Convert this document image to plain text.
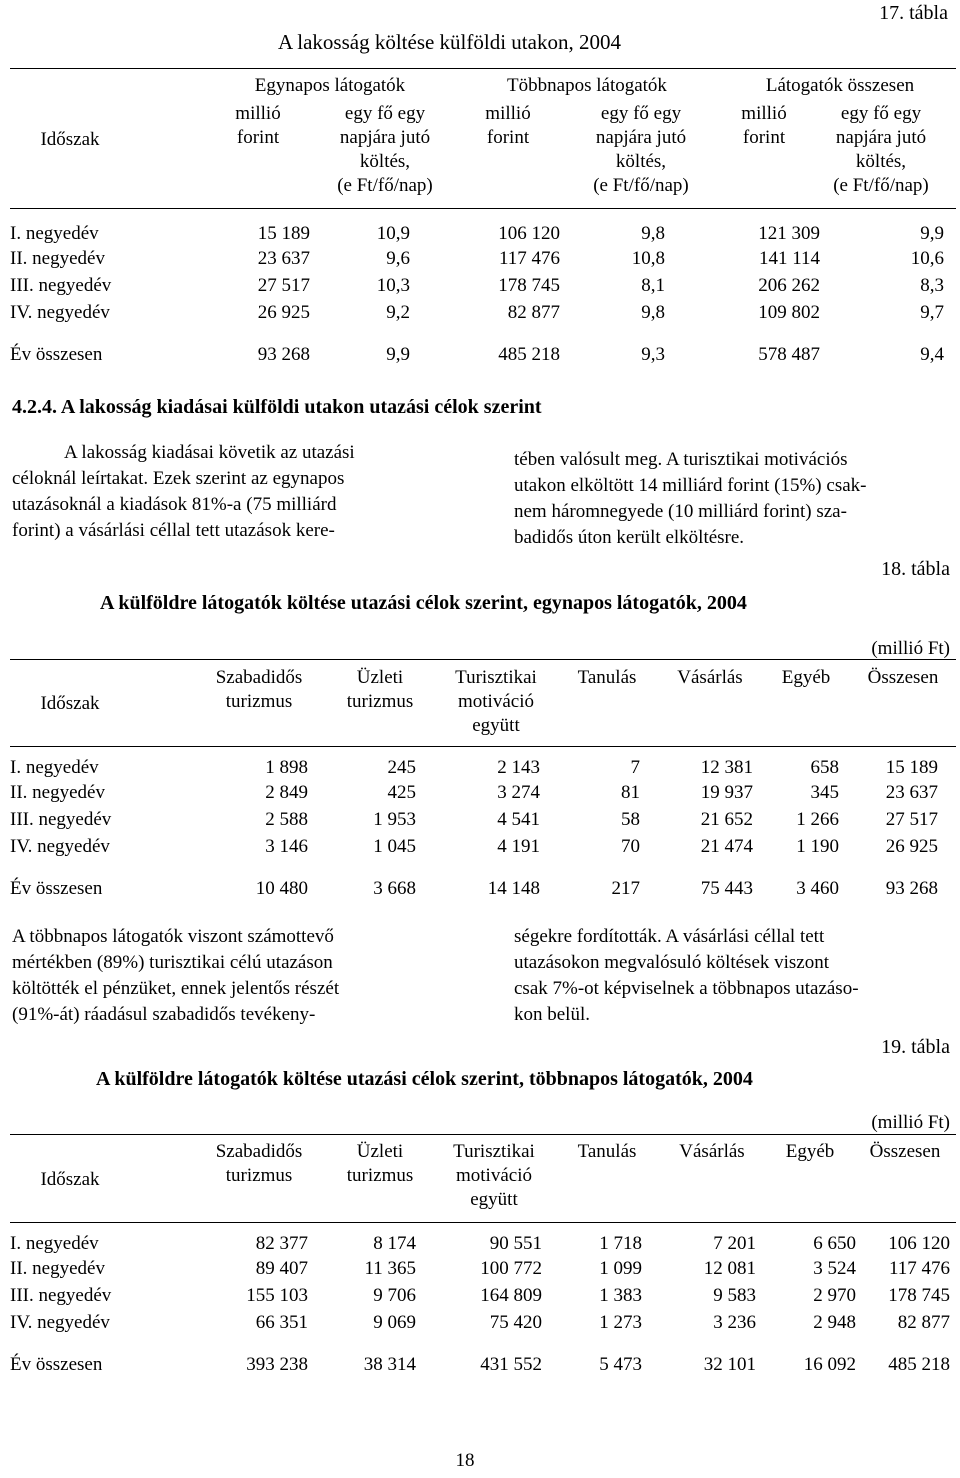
17. tábla
A lakosság költése külföldi utakon, 2004
Időszak
Egynapos látogatók	Többnapos látogatók	Látogatók összesen
millió
forint
millió
forint
millió
forint
egy fő egy
napjára jutó
költés,
(e Ft/fő/nap)
egy fő egy
napjára jutó
költés,
(e Ft/fő/nap)
egy fő egy
napjára jutó
költés,
(e Ft/fő/nap)
I. negyedév	15 189	10,9	106 120	9,8	121 309	9,9
II. negyedév	23 637	9,6	117 476	10,8	141 114	10,6
III. negyedév	27 517	10,3	178 745	8,1	206 262	8,3
IV. negyedév	26 925	9,2	82 877	9,8	109 802	9,7
Év összesen	93 268	9,9	485 218	9,3	578 487	9,4
4.2.4. A lakosság kiadásai külföldi utakon utazási célok szerint
A lakosság kiadásai követik az utazási
céloknál leírtakat. Ezek szerint az egynapos
utazásoknál a kiadások 81%-a (75 milliárd
forint) a vásárlási céllal tett utazások kere-
tében valósult meg. A turisztikai motivációs
utakon elköltött 14 milliárd forint (15%) csak-
nem háromnegyede (10 milliárd forint) sza-
badidős úton került elköltésre.
18. tábla
A külföldre látogatók költése utazási célok szerint, egynapos látogatók, 2004
(millió Ft)
Időszak
Szabadidős
turizmus
Üzleti
turizmus
Turisztikai
motiváció
együtt
Tanulás	Vásárlás	Egyéb	Összesen
I. negyedév	1 898	245	2 143	7	12 381	658	15 189
II. negyedév	2 849	425	3 274	81	19 937	345	23 637
III. negyedév	2 588	1 953	4 541	58	21 652	1 266	27 517
IV. negyedév	3 146	1 045	4 191	70	21 474	1 190	26 925
Év összesen	10 480	3 668	14 148	217	75 443	3 460	93 268
A többnapos látogatók viszont számottevő
mértékben (89%) turisztikai célú utazáson
költötték el pénzüket, ennek jelentős részét
(91%-át) ráadásul szabadidős tevékeny-
ségekre fordították. A vásárlási céllal tett
utazásokon megvalósuló költések viszont
csak 7%-ot képviselnek a többnapos utazáso-
kon belül.
19. tábla
A külföldre látogatók költése utazási célok szerint, többnapos látogatók, 2004
(millió Ft)
Időszak
Szabadidős
turizmus
Üzleti
turizmus
Turisztikai
motiváció
együtt
Tanulás	Vásárlás	Egyéb	Összesen
I. negyedév	82 377	8 174	90 551	1 718	7 201	6 650	106 120
II. negyedév	89 407	11 365	100 772	1 099	12 081	3 524	117 476
III. negyedév	155 103	9 706	164 809	1 383	9 583	2 970	178 745
IV. negyedév	66 351	9 069	75 420	1 273	3 236	2 948	82 877
Év összesen	393 238	38 314	431 552	5 473	32 101	16 092	485 218
18
